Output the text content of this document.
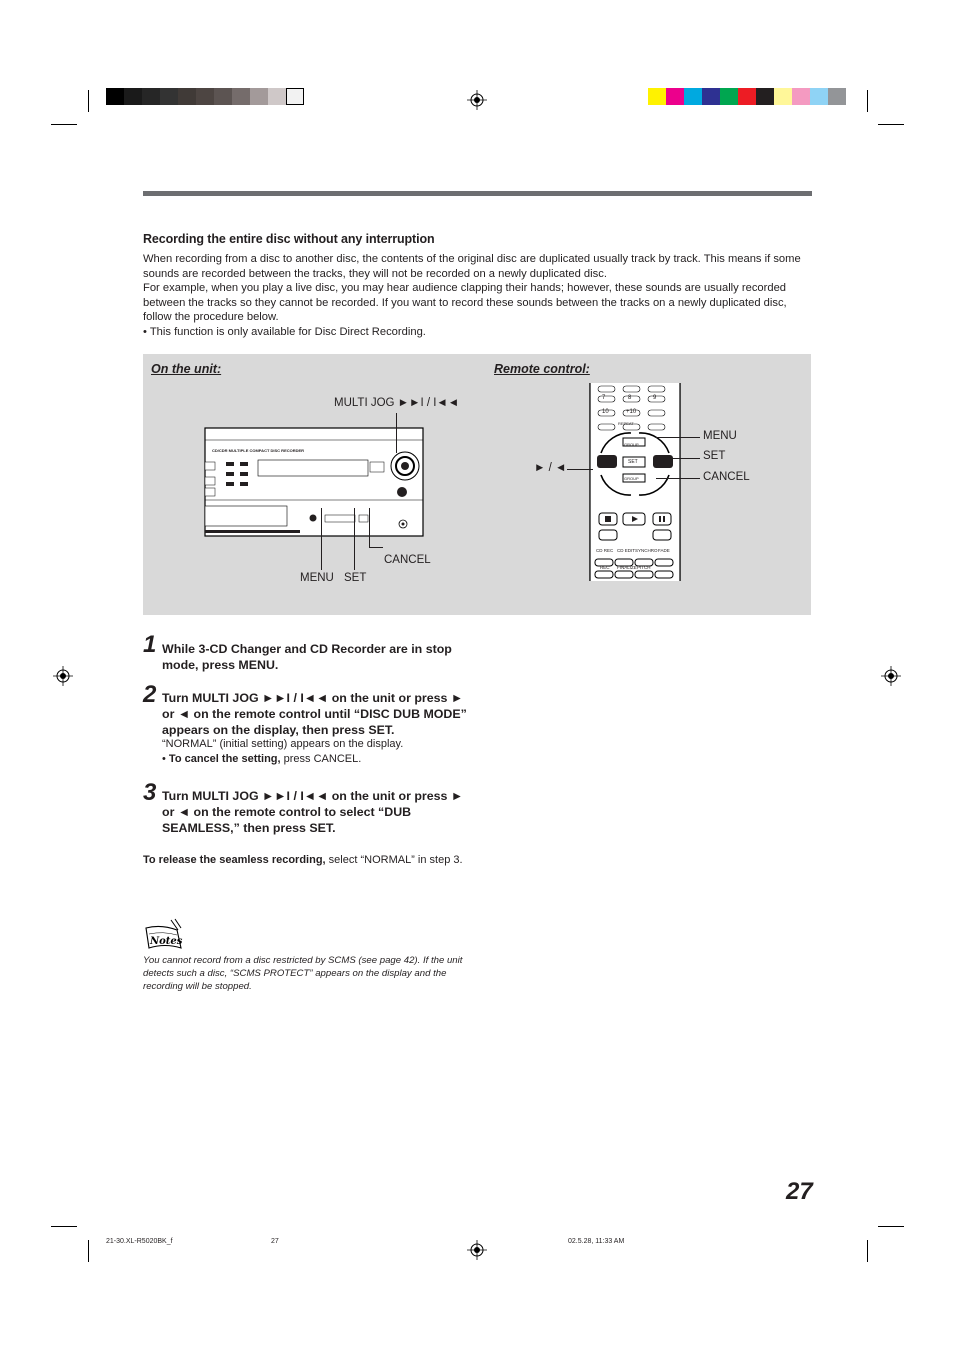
Recording the entire disc without any interruption

When recording from a disc to another disc, the contents of the original disc are duplicated usually track by track. This means if some sounds are recorded between the tracks, they will not be recorded on a newly duplicated disc.

For example, when you play a live disc, you may hear audience clapping their hands; however, these sounds are usually recorded between the tracks so they cannot be recorded. If you want to record these sounds between the tracks on a newly duplicated disc, follow the procedure below.

• This function is only available for Disc Direct Recording.

On the unit:	Remote control:
CD/CDR MULTIPLE COMPACT DISC RECORDER
MULTI JOG ►►I / I◄◄
CANCEL
MENU SET
7	8	9
10	+10
REPEAT
GROUP
SET
GROUP
CD REC CD EDIT SYNCHRO FADE
REC FINALIZE PITCH
MENU
SET
CANCEL
► / ◄
1 While 3-CD Changer and CD Recorder are in stop mode, press MENU.
2 Turn MULTI JOG ►►I / I◄◄ on the unit or press ► or ◄ on the remote control until “DISC DUB MODE” appears on the display, then press SET.
“NORMAL” (initial setting) appears on the display.
• To cancel the setting, press CANCEL.
3 Turn MULTI JOG ►►I / I◄◄ on the unit or press ► or ◄ on the remote control to select “DUB SEAMLESS,” then press SET.
To release the seamless recording, select “NORMAL” in step 3.
Notes
You cannot record from a disc restricted by SCMS (see page 42). If the unit detects such a disc, “SCMS PROTECT” appears on the display and the recording will be stopped.
27
21-30.XL-R5020BK_f	27	02.5.28, 11:33 AM
